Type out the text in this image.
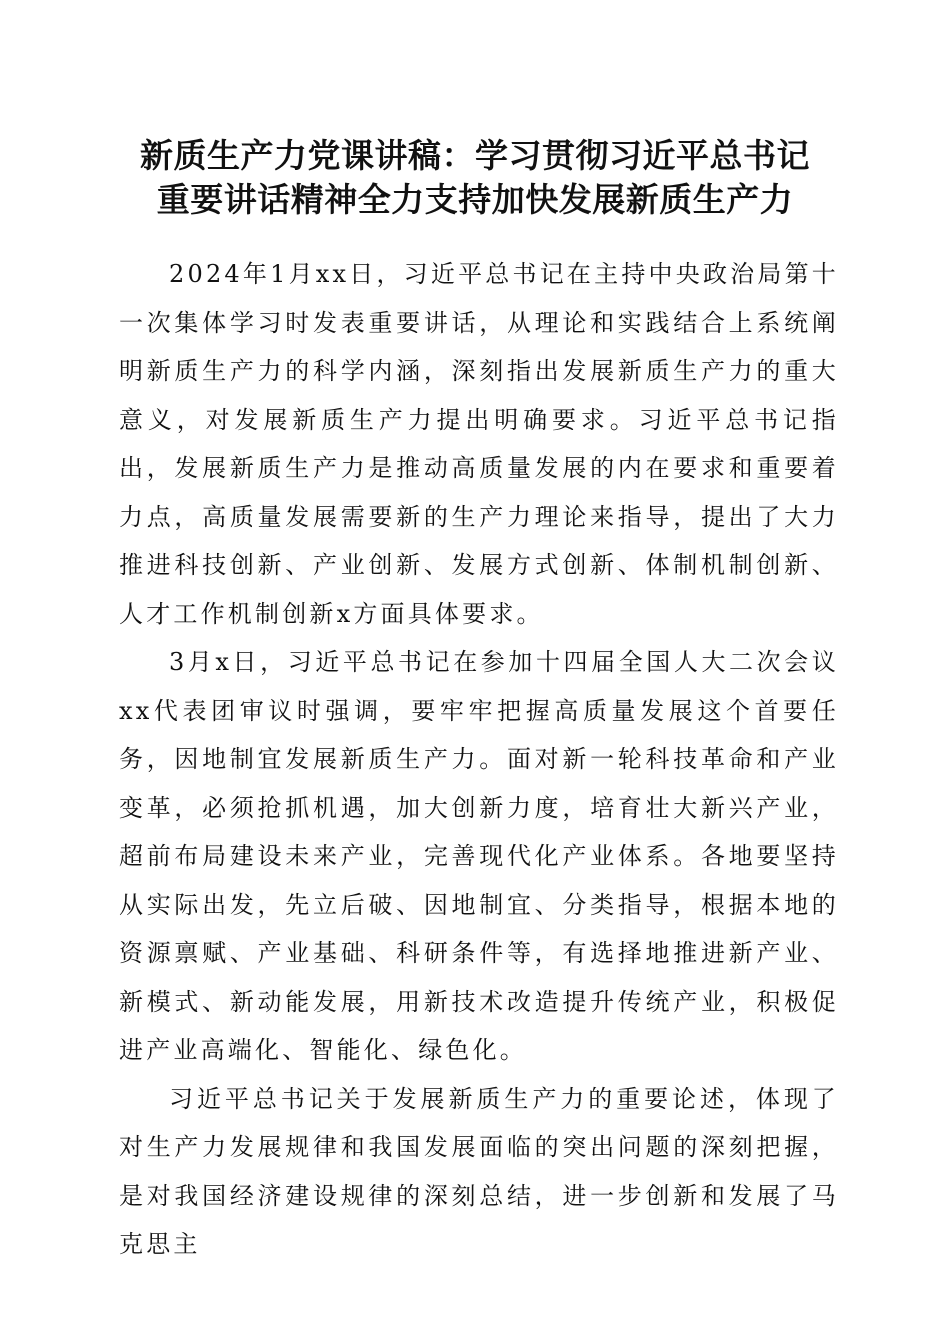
新质生产力党课讲稿：学习贯彻习近平总书记
重要讲话精神全力支持加快发展新质生产力

2024年1月xx日，习近平总书记在主持中央政治局第十一次集体学习时发表重要讲话，从理论和实践结合上系统阐明新质生产力的科学内涵，深刻指出发展新质生产力的重大意义，对发展新质生产力提出明确要求。习近平总书记指出，发展新质生产力是推动高质量发展的内在要求和重要着力点，高质量发展需要新的生产力理论来指导，提出了大力推进科技创新、产业创新、发展方式创新、体制机制创新、人才工作机制创新x方面具体要求。

3月x日，习近平总书记在参加十四届全国人大二次会议xx代表团审议时强调，要牢牢把握高质量发展这个首要任务，因地制宜发展新质生产力。面对新一轮科技革命和产业变革，必须抢抓机遇，加大创新力度，培育壮大新兴产业，超前布局建设未来产业，完善现代化产业体系。各地要坚持从实际出发，先立后破、因地制宜、分类指导，根据本地的资源禀赋、产业基础、科研条件等，有选择地推进新产业、新模式、新动能发展，用新技术改造提升传统产业，积极促进产业高端化、智能化、绿色化。

习近平总书记关于发展新质生产力的重要论述，体现了对生产力发展规律和我国发展面临的突出问题的深刻把握，是对我国经济建设规律的深刻总结，进一步创新和发展了马克思主
